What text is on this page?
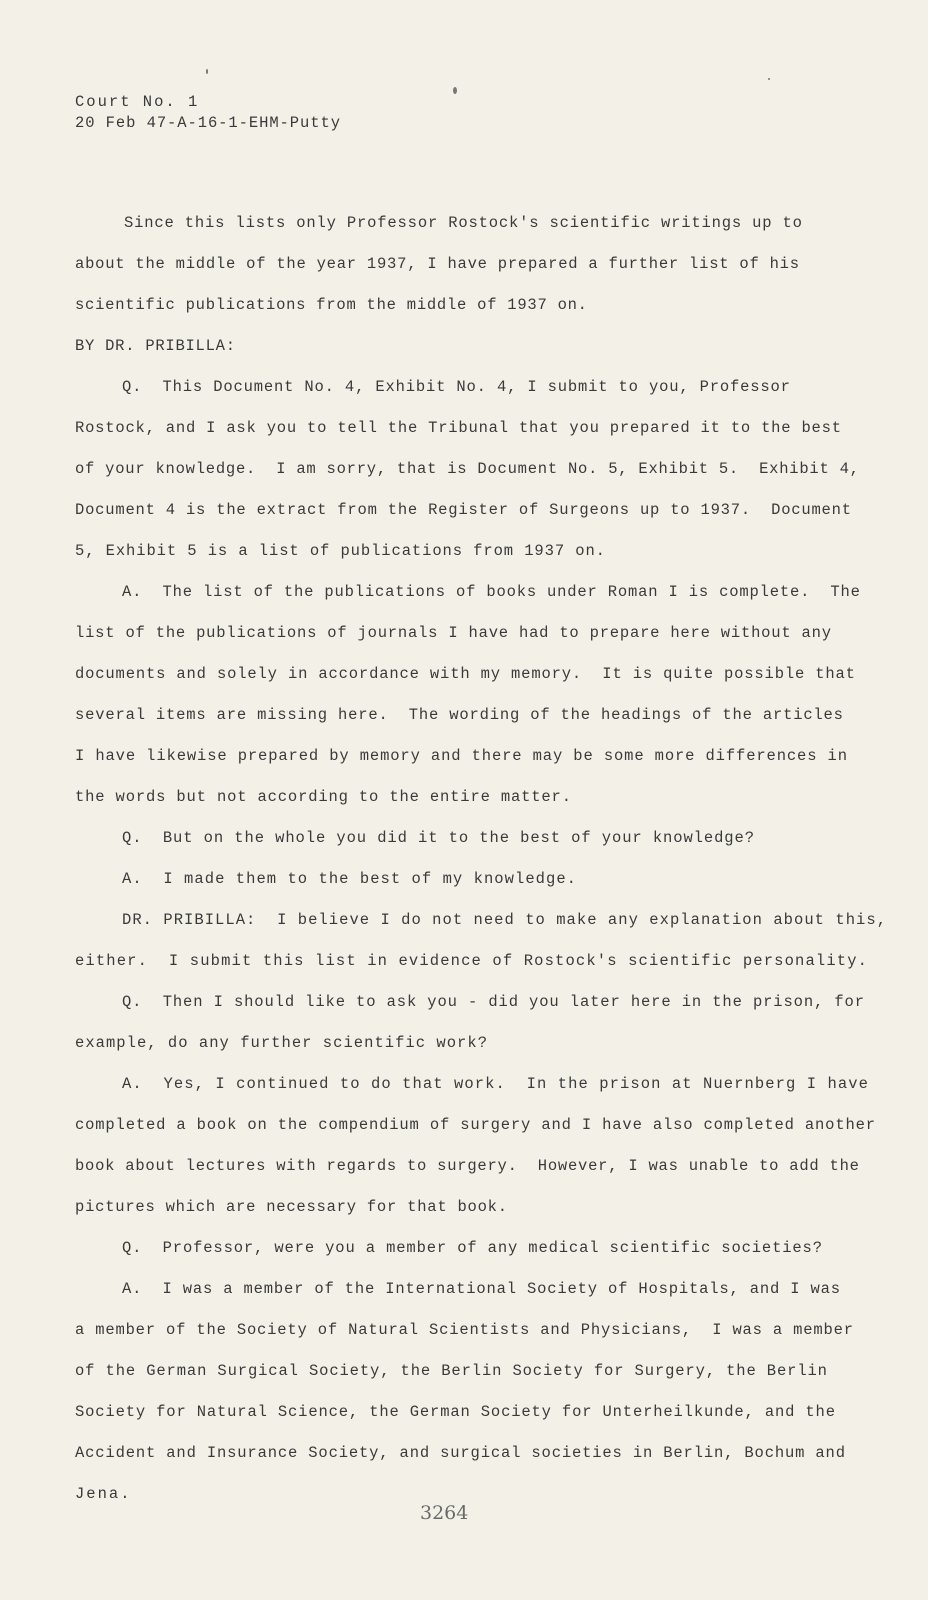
Court No. 1
20 Feb 47-A-16-1-EHM-Putty
Since this lists only Professor Rostock's scientific writings up to
about the middle of the year 1937, I have prepared a further list of his
scientific publications from the middle of 1937 on.
BY DR. PRIBILLA:
Q.  This Document No. 4, Exhibit No. 4, I submit to you, Professor
Rostock, and I ask you to tell the Tribunal that you prepared it to the best
of your knowledge.  I am sorry, that is Document No. 5, Exhibit 5.  Exhibit 4,
Document 4 is the extract from the Register of Surgeons up to 1937.  Document
5, Exhibit 5 is a list of publications from 1937 on.
A.  The list of the publications of books under Roman I is complete.  The
list of the publications of journals I have had to prepare here without any
documents and solely in accordance with my memory.  It is quite possible that
several items are missing here.  The wording of the headings of the articles
I have likewise prepared by memory and there may be some more differences in
the words but not according to the entire matter.
Q.  But on the whole you did it to the best of your knowledge?
A.  I made them to the best of my knowledge.
DR. PRIBILLA:  I believe I do not need to make any explanation about this,
either.  I submit this list in evidence of Rostock's scientific personality.
Q.  Then I should like to ask you - did you later here in the prison, for
example, do any further scientific work?
A.  Yes, I continued to do that work.  In the prison at Nuernberg I have
completed a book on the compendium of surgery and I have also completed another
book about lectures with regards to surgery.  However, I was unable to add the
pictures which are necessary for that book.
Q.  Professor, were you a member of any medical scientific societies?
A.  I was a member of the International Society of Hospitals, and I was
a member of the Society of Natural Scientists and Physicians,  I was a member
of the German Surgical Society, the Berlin Society for Surgery, the Berlin
Society for Natural Science, the German Society for Unterheilkunde, and the
Accident and Insurance Society, and surgical societies in Berlin, Bochum and
Jena.
3264
